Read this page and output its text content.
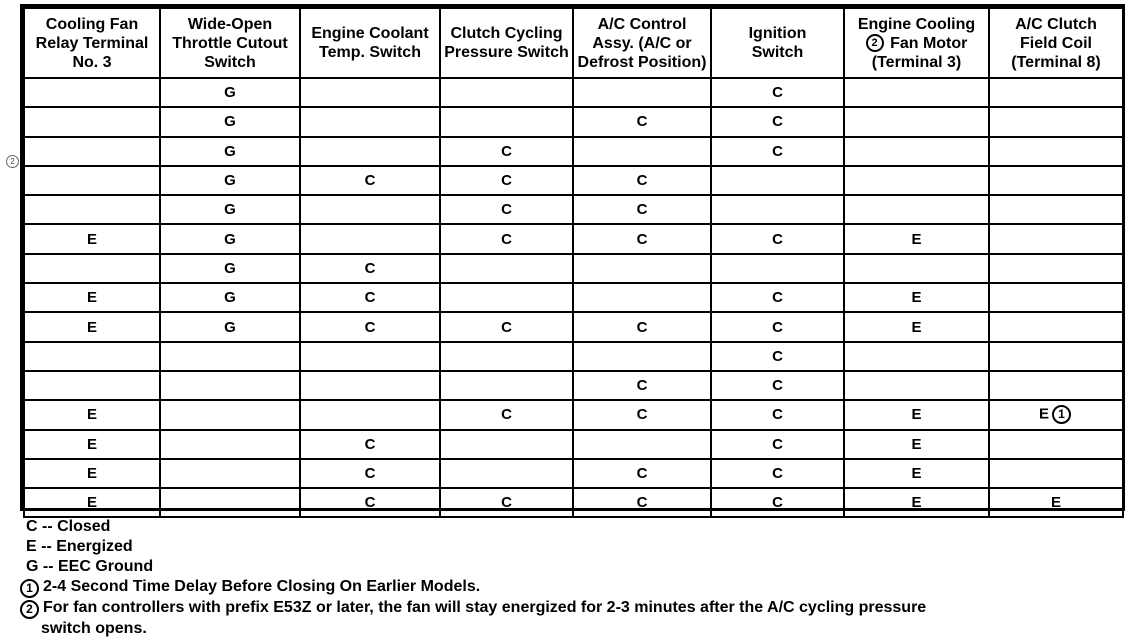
2
Cooling Fan
Relay Terminal
No. 3	Wide-Open
Throttle Cutout
Switch	Engine Coolant
Temp. Switch	Clutch Cycling
Pressure Switch	A/C Control
Assy. (A/C or
Defrost Position)	Ignition
Switch	Engine Cooling
2 Fan Motor
(Terminal 3)	A/C Clutch
Field Coil
(Terminal 8)

	G				C		
	G			C	C		
	G		C		C		
	G	C	C	C			
	G		C	C			
E	G		C	C	C	E	
	G	C					
E	G	C			C	E	
E	G	C	C	C	C	E	
					C		
				C	C		
E			C	C	C	E	E 1
E		C			C	E	
E		C		C	C	E	
E		C	C	C	C	E	E
C -- Closed
E -- Energized
G -- EEC Ground
1 2-4 Second Time Delay Before Closing On Earlier Models.
2 For fan controllers with prefix E53Z or later, the fan will stay energized for 2-3 minutes after the A/C cycling pressure
switch opens.
